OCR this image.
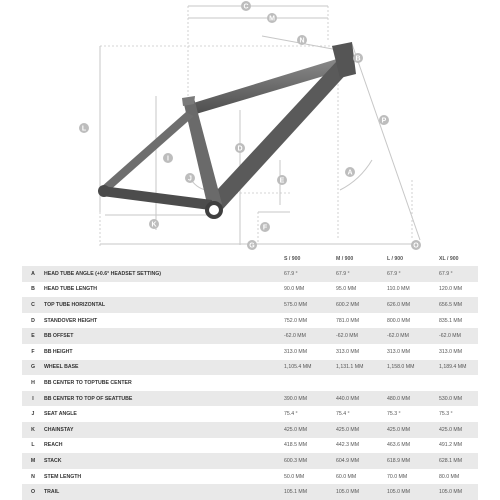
C
M
N
B
L
P
D
I
A
J	E
K	F
G	O
		S / 900	M / 900	L / 900	XL / 900
A	HEAD TUBE ANGLE (+0.6° HEADSET SETTING)	67.9 °	67.9 °	67.9 °	67.9 °
B	HEAD TUBE LENGTH	90.0 MM	95.0 MM	110.0 MM	120.0 MM
C	TOP TUBE HORIZONTAL	575.0 MM	600.2 MM	626.0 MM	656.5 MM
D	STANDOVER HEIGHT	752.0 MM	781.0 MM	800.0 MM	835.1 MM
E	BB OFFSET	-62.0 MM	-62.0 MM	-62.0 MM	-62.0 MM
F	BB HEIGHT	313.0 MM	313.0 MM	313.0 MM	313.0 MM
G	WHEEL BASE	1,105.4 MM	1,131.1 MM	1,158.0 MM	1,189.4 MM
H	BB CENTER TO TOPTUBE CENTER				
I	BB CENTER TO TOP OF SEATTUBE	390.0 MM	440.0 MM	480.0 MM	530.0 MM
J	SEAT ANGLE	75.4 °	75.4 °	75.3 °	75.3 °
K	CHAINSTAY	425.0 MM	425.0 MM	425.0 MM	425.0 MM
L	REACH	418.5 MM	442.3 MM	463.6 MM	491.2 MM
M	STACK	600.3 MM	604.9 MM	618.9 MM	628.1 MM
N	STEM LENGTH	50.0 MM	60.0 MM	70.0 MM	80.0 MM
O	TRAIL	105.1 MM	105.0 MM	105.0 MM	105.0 MM
